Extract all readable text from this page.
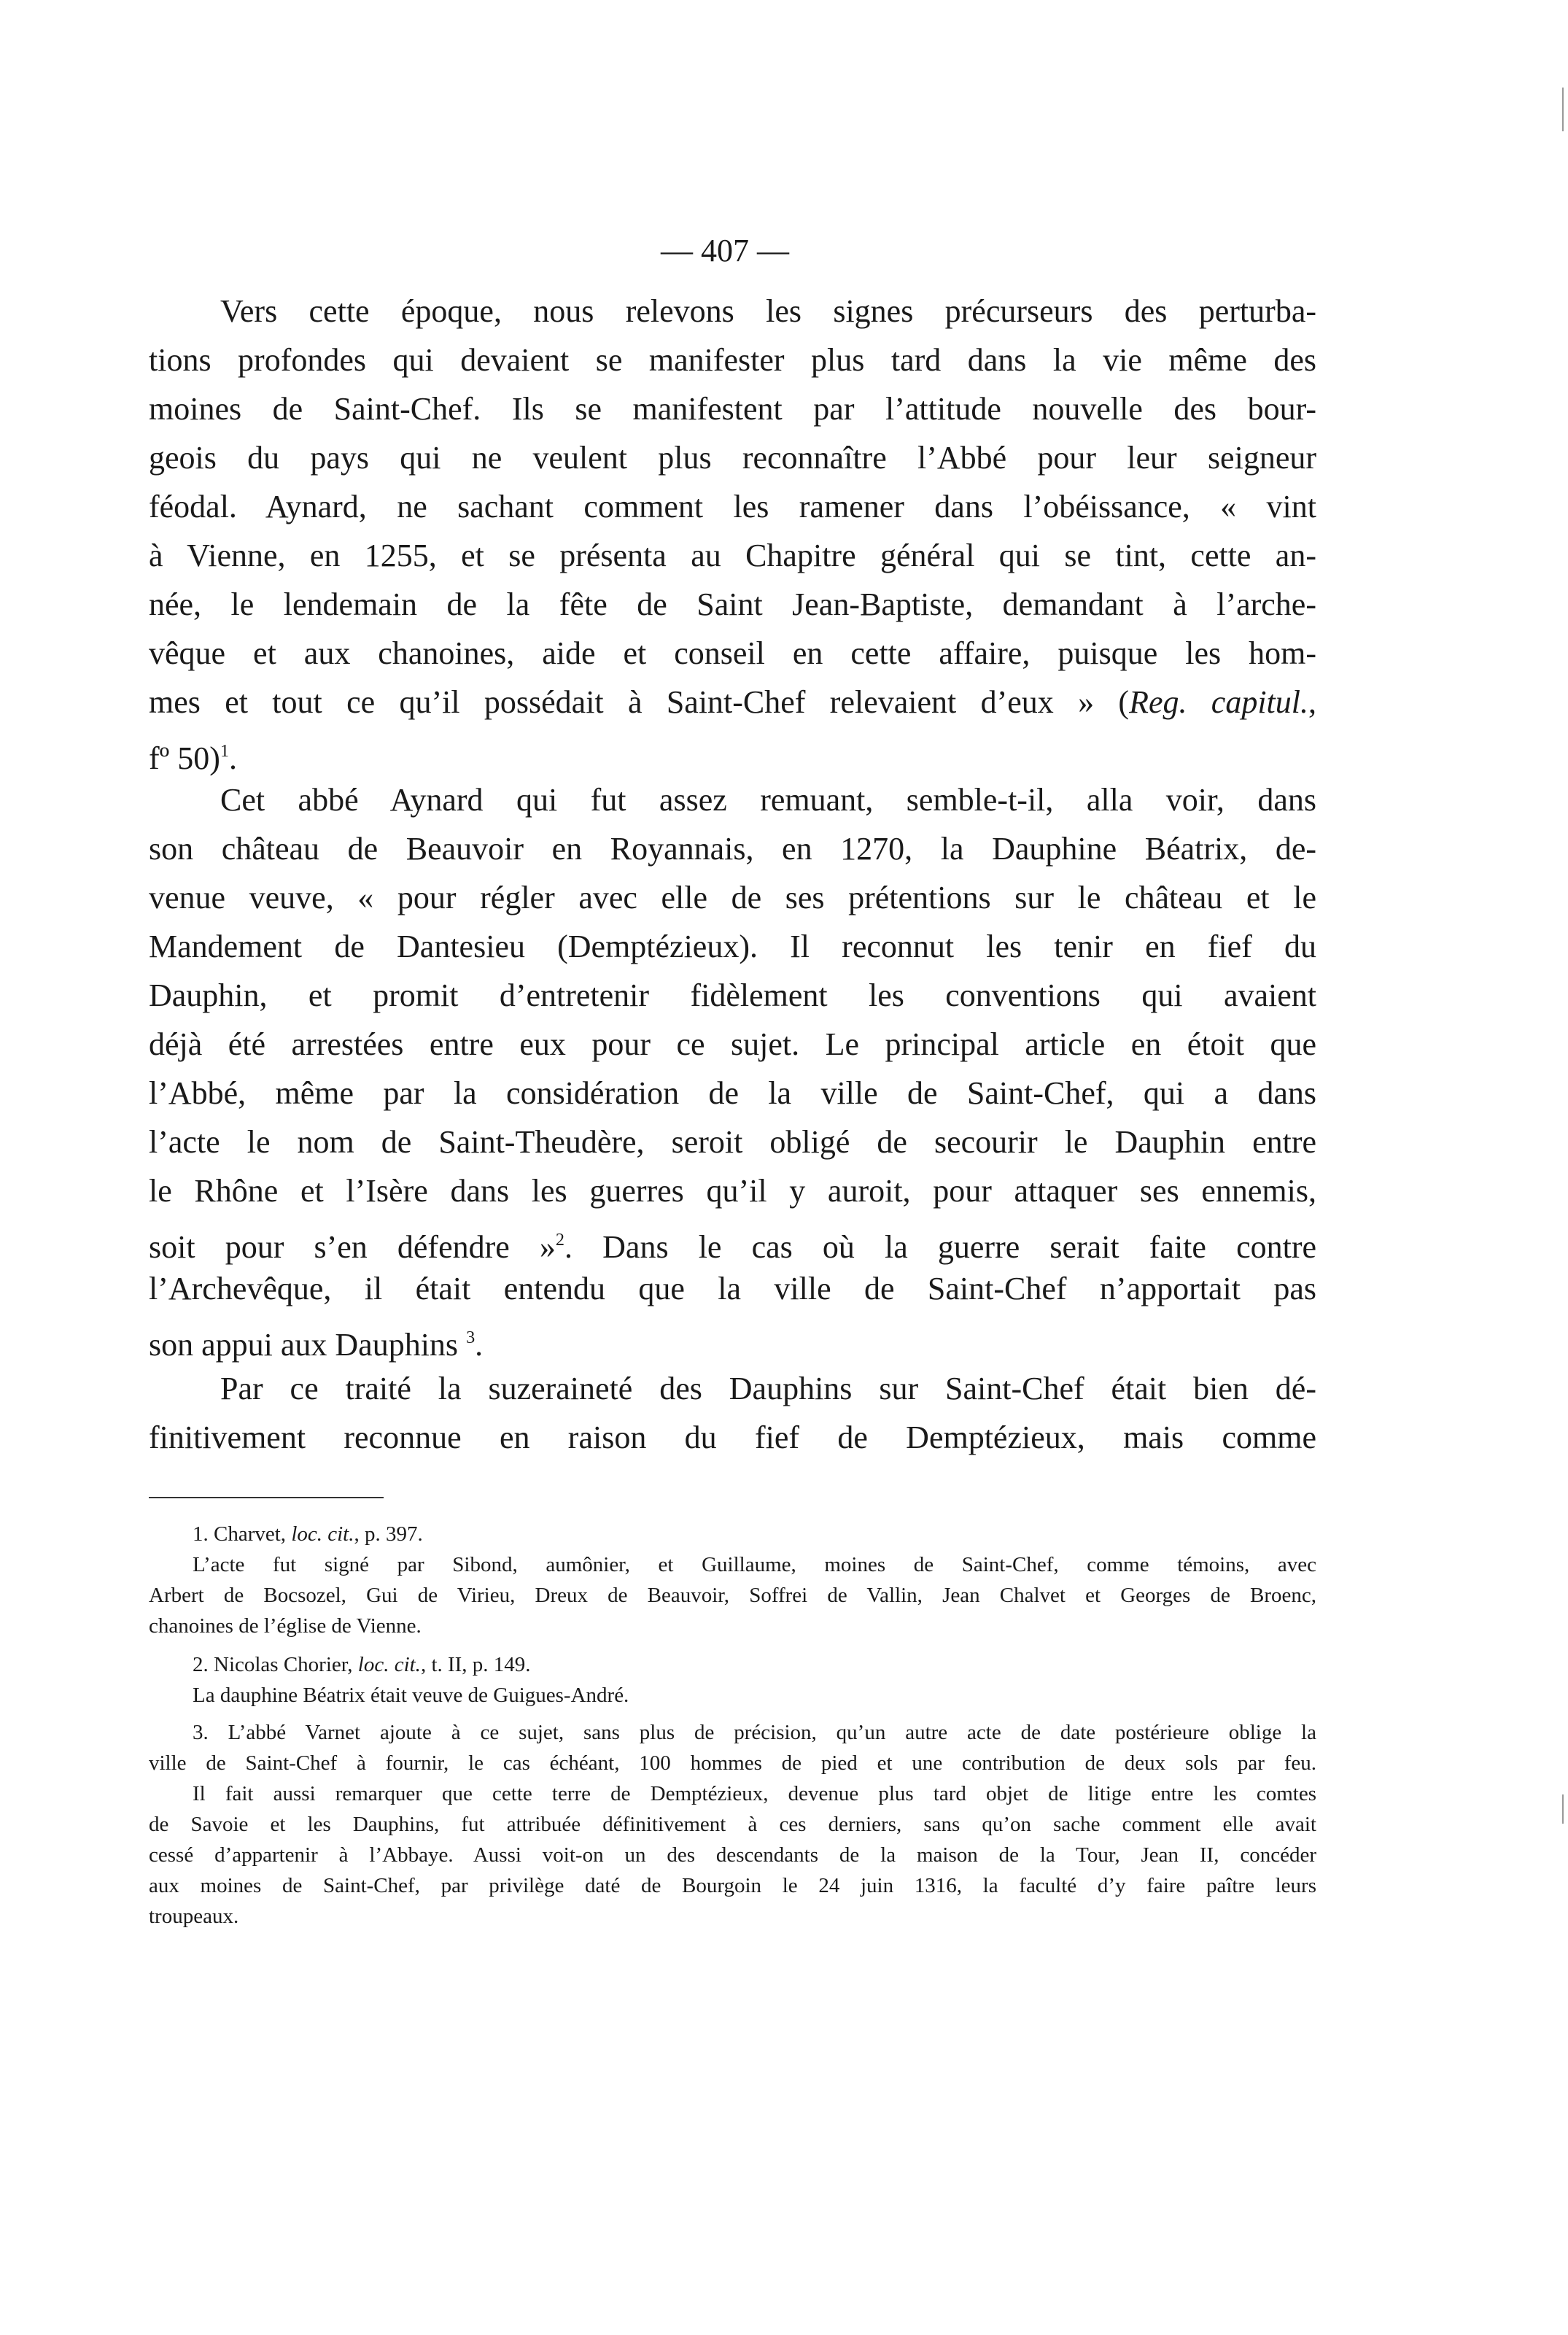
— 407 —
Vers cette époque, nous relevons les signes précurseurs des perturba-
tions profondes qui devaient se manifester plus tard dans la vie même des
moines de Saint-Chef. Ils se manifestent par l’attitude nouvelle des bour-
geois du pays qui ne veulent plus reconnaître l’Abbé pour leur seigneur
féodal. Aynard, ne sachant comment les ramener dans l’obéissance, « vint
à Vienne, en 1255, et se présenta au Chapitre général qui se tint, cette an-
née, le lendemain de la fête de Saint Jean-Baptiste, demandant à l’arche-
vêque et aux chanoines, aide et conseil en cette affaire, puisque les hom-
mes et tout ce qu’il possédait à Saint-Chef relevaient d’eux » (Reg. capitul.,
fº 50)$^1$.
Cet abbé Aynard qui fut assez remuant, semble-t-il, alla voir, dans
son château de Beauvoir en Royannais, en 1270, la Dauphine Béatrix, de-
venue veuve, « pour régler avec elle de ses prétentions sur le château et le
Mandement de Dantesieu (Demptézieux). Il reconnut les tenir en fief du
Dauphin, et promit d’entretenir fidèlement les conventions qui avaient
déjà été arrestées entre eux pour ce sujet. Le principal article en étoit que
l’Abbé, même par la considération de la ville de Saint-Chef, qui a dans
l’acte le nom de Saint-Theudère, seroit obligé de secourir le Dauphin entre
le Rhône et l’Isère dans les guerres qu’il y auroit, pour attaquer ses ennemis,
soit pour s’en défendre »$^2$. Dans le cas où la guerre serait faite contre
l’Archevêque, il était entendu que la ville de Saint-Chef n’apportait pas
son appui aux Dauphins $^3$.
Par ce traité la suzeraineté des Dauphins sur Saint-Chef était bien dé-
finitivement reconnue en raison du fief de Demptézieux, mais comme
1. Charvet, loc. cit., p. 397.
L’acte fut signé par Sibond, aumônier, et Guillaume, moines de Saint-Chef, comme témoins, avec
Arbert de Bocsozel, Gui de Virieu, Dreux de Beauvoir, Soffrei de Vallin, Jean Chalvet et Georges de Broenc,
chanoines de l’église de Vienne.
2. Nicolas Chorier, loc. cit., t. II, p. 149.
La dauphine Béatrix était veuve de Guigues-André.
3. L’abbé Varnet ajoute à ce sujet, sans plus de précision, qu’un autre acte de date postérieure oblige la
ville de Saint-Chef à fournir, le cas échéant, 100 hommes de pied et une contribution de deux sols par feu.
Il fait aussi remarquer que cette terre de Demptézieux, devenue plus tard objet de litige entre les comtes
de Savoie et les Dauphins, fut attribuée définitivement à ces derniers, sans qu’on sache comment elle avait
cessé d’appartenir à l’Abbaye. Aussi voit-on un des descendants de la maison de la Tour, Jean II, concéder
aux moines de Saint-Chef, par privilège daté de Bourgoin le 24 juin 1316, la faculté d’y faire paître leurs
troupeaux.
